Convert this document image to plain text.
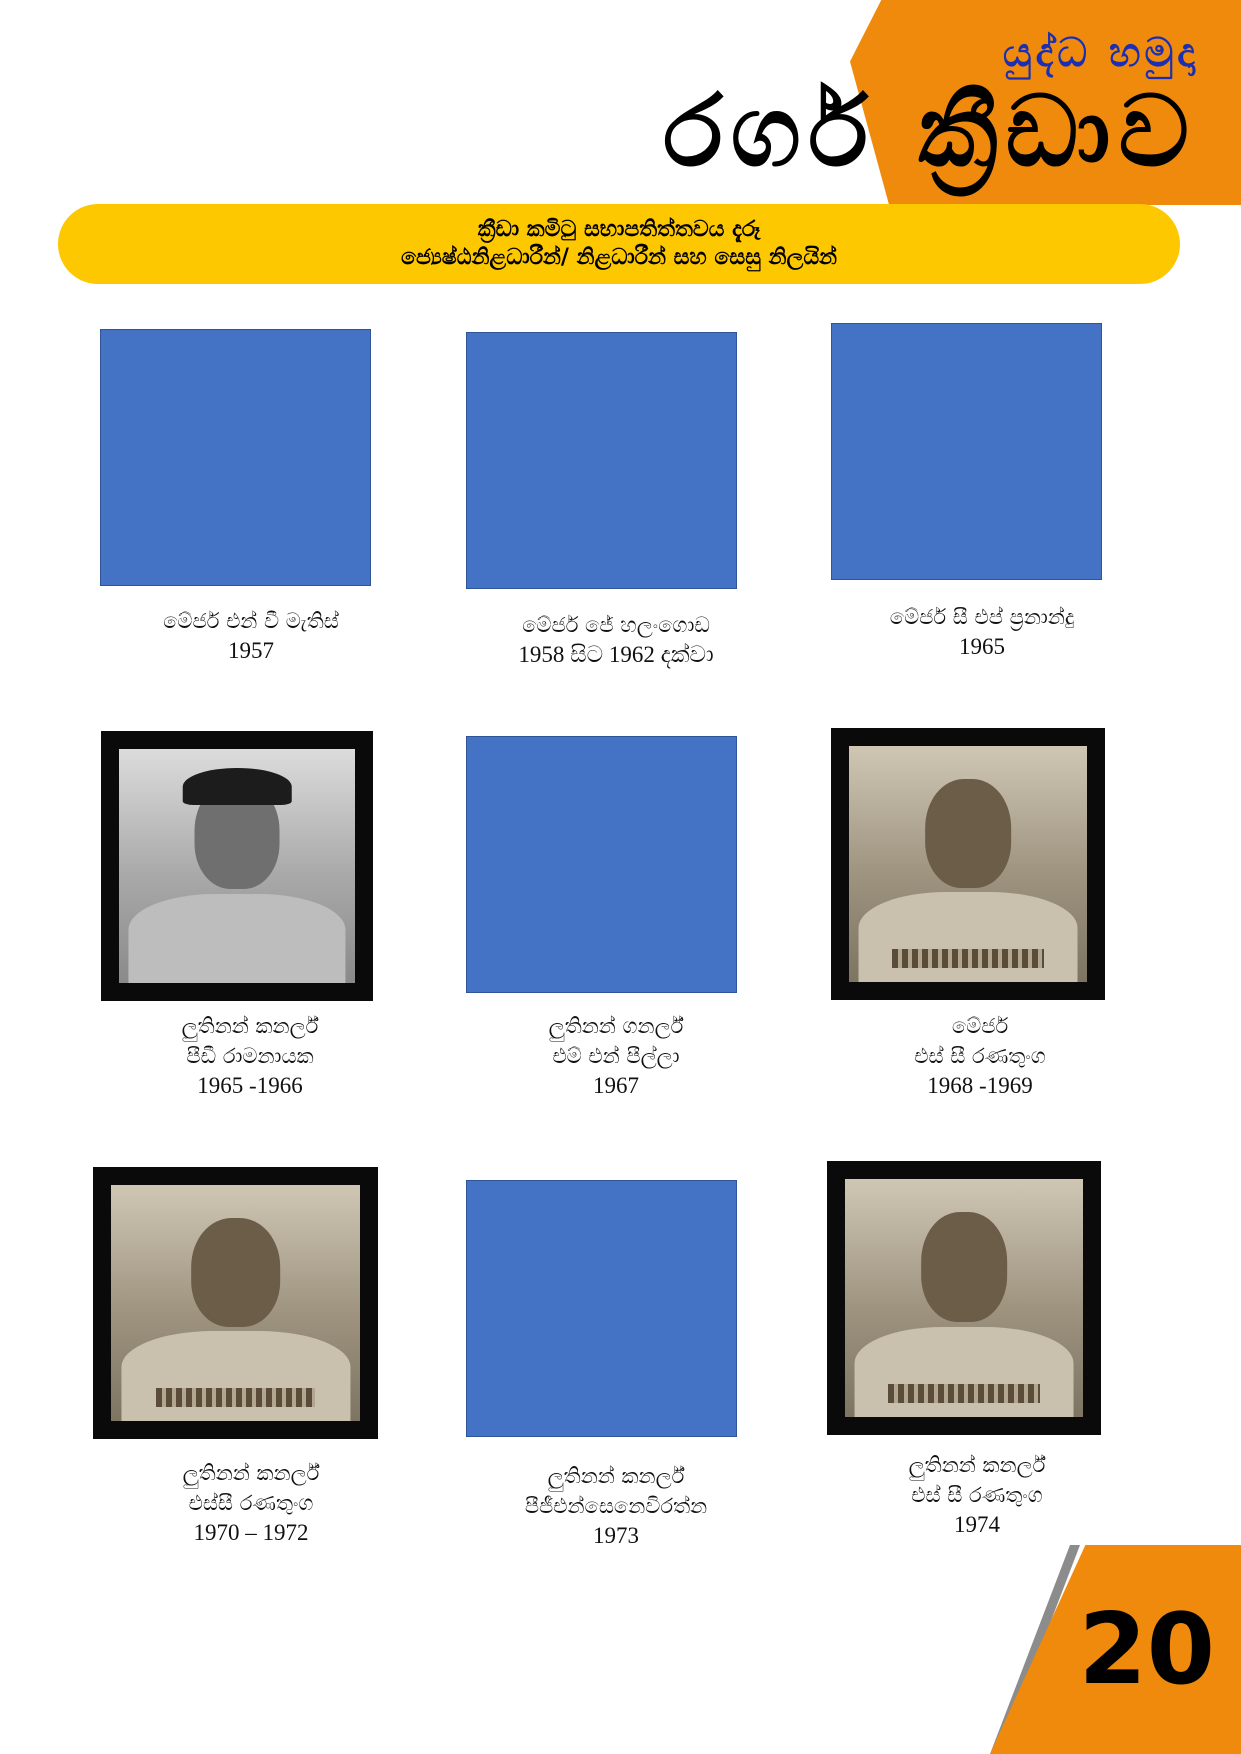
යුද්ධ හමුදා
රගර් ක්‍රීඩාව
ක්‍රීඩා කමිටු සභාපතිත්තවය දැරූ
ජ්‍යෙෂ්ඨනිළධාරීන්/ නිළධාරීන් සහ සෙසු නිලයින්
මේජර් එන් වී මැතිස්
1957
මේජර් ජේ හලංගොඩ
1958 සිට 1962 දක්වා
මේජර් සී එප් ප්‍රනාන්දු
1965
ලුතිනන් කනර්ල්
පීඩී රාමනායක
1965 -1966
ලුතිනන් ගනර්ල්
එම් එන් පීල්ලා
1967
මේජර්
එස් සී රණතුංග
1968 -1969
ලුතිනන් කනර්ල්
එස්සී රණතුංග
1970 – 1972
ලුතිනන් කනර්ල්
පීජීඑන්සෙනෙවිරත්න
1973
ලුතිනන් කනර්ල්
එස් සී රණතුංග
1974
20
